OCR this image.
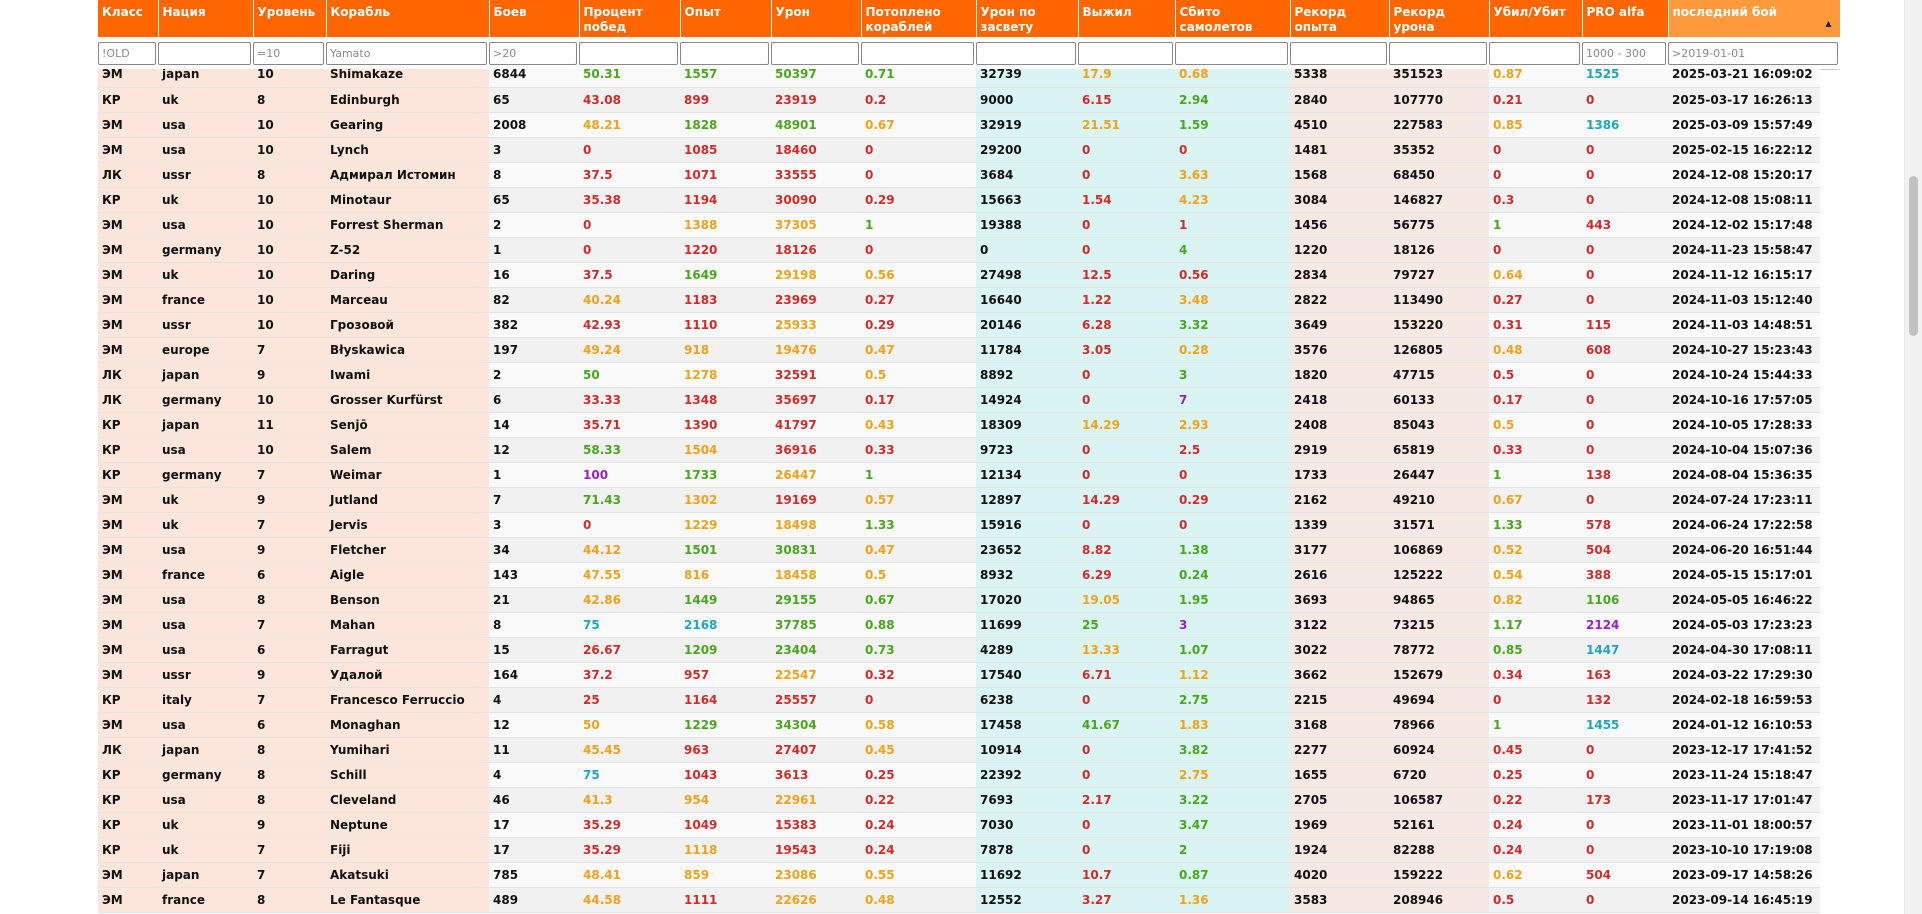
Класс	Нация	Уровень	Корабль	Боев	Процент побед	Опыт	Урон	Потоплено кораблей	Урон по засвету	Выжил	Сбито самолетов	Рекорд опыта	Рекорд урона	Убил/Убит	PRO alfa	последний бой
▲

!OLD		=10	Yamato	>20											1000 - 300	>2019-01-01
ЭМ	japan	10	Shimakaze	6844	50.31	1557	50397	0.71	32739	17.9	0.68	5338	351523	0.87	1525	2025-03-21 16:09:02
КР	uk	8	Edinburgh	65	43.08	899	23919	0.2	9000	6.15	2.94	2840	107770	0.21	0	2025-03-17 16:26:13
ЭМ	usa	10	Gearing	2008	48.21	1828	48901	0.67	32919	21.51	1.59	4510	227583	0.85	1386	2025-03-09 15:57:49
ЭМ	usa	10	Lynch	3	0	1085	18460	0	29200	0	0	1481	35352	0	0	2025-02-15 16:22:12
ЛК	ussr	8	Адмирал Истомин	8	37.5	1071	33555	0	3684	0	3.63	1568	68450	0	0	2024-12-08 15:20:17
КР	uk	10	Minotaur	65	35.38	1194	30090	0.29	15663	1.54	4.23	3084	146827	0.3	0	2024-12-08 15:08:11
ЭМ	usa	10	Forrest Sherman	2	0	1388	37305	1	19388	0	1	1456	56775	1	443	2024-12-02 15:17:48
ЭМ	germany	10	Z-52	1	0	1220	18126	0	0	0	4	1220	18126	0	0	2024-11-23 15:58:47
ЭМ	uk	10	Daring	16	37.5	1649	29198	0.56	27498	12.5	0.56	2834	79727	0.64	0	2024-11-12 16:15:17
ЭМ	france	10	Marceau	82	40.24	1183	23969	0.27	16640	1.22	3.48	2822	113490	0.27	0	2024-11-03 15:12:40
ЭМ	ussr	10	Грозовой	382	42.93	1110	25933	0.29	20146	6.28	3.32	3649	153220	0.31	115	2024-11-03 14:48:51
ЭМ	europe	7	Błyskawica	197	49.24	918	19476	0.47	11784	3.05	0.28	3576	126805	0.48	608	2024-10-27 15:23:43
ЛК	japan	9	Iwami	2	50	1278	32591	0.5	8892	0	3	1820	47715	0.5	0	2024-10-24 15:44:33
ЛК	germany	10	Grosser Kurfürst	6	33.33	1348	35697	0.17	14924	0	7	2418	60133	0.17	0	2024-10-16 17:57:05
КР	japan	11	Senjō	14	35.71	1390	41797	0.43	18309	14.29	2.93	2408	85043	0.5	0	2024-10-05 17:28:33
КР	usa	10	Salem	12	58.33	1504	36916	0.33	9723	0	2.5	2919	65819	0.33	0	2024-10-04 15:07:36
КР	germany	7	Weimar	1	100	1733	26447	1	12134	0	0	1733	26447	1	138	2024-08-04 15:36:35
ЭМ	uk	9	Jutland	7	71.43	1302	19169	0.57	12897	14.29	0.29	2162	49210	0.67	0	2024-07-24 17:23:11
ЭМ	uk	7	Jervis	3	0	1229	18498	1.33	15916	0	0	1339	31571	1.33	578	2024-06-24 17:22:58
ЭМ	usa	9	Fletcher	34	44.12	1501	30831	0.47	23652	8.82	1.38	3177	106869	0.52	504	2024-06-20 16:51:44
ЭМ	france	6	Aigle	143	47.55	816	18458	0.5	8932	6.29	0.24	2616	125222	0.54	388	2024-05-15 15:17:01
ЭМ	usa	8	Benson	21	42.86	1449	29155	0.67	17020	19.05	1.95	3693	94865	0.82	1106	2024-05-05 16:46:22
ЭМ	usa	7	Mahan	8	75	2168	37785	0.88	11699	25	3	3122	73215	1.17	2124	2024-05-03 17:23:23
ЭМ	usa	6	Farragut	15	26.67	1209	23404	0.73	4289	13.33	1.07	3022	78772	0.85	1447	2024-04-30 17:08:11
ЭМ	ussr	9	Удалой	164	37.2	957	22547	0.32	17540	6.71	1.12	3662	152679	0.34	163	2024-03-22 17:29:30
КР	italy	7	Francesco Ferruccio	4	25	1164	25557	0	6238	0	2.75	2215	49694	0	132	2024-02-18 16:59:53
ЭМ	usa	6	Monaghan	12	50	1229	34304	0.58	17458	41.67	1.83	3168	78966	1	1455	2024-01-12 16:10:53
ЛК	japan	8	Yumihari	11	45.45	963	27407	0.45	10914	0	3.82	2277	60924	0.45	0	2023-12-17 17:41:52
КР	germany	8	Schill	4	75	1043	3613	0.25	22392	0	2.75	1655	6720	0.25	0	2023-11-24 15:18:47
КР	usa	8	Cleveland	46	41.3	954	22961	0.22	7693	2.17	3.22	2705	106587	0.22	173	2023-11-17 17:01:47
КР	uk	9	Neptune	17	35.29	1049	15383	0.24	7030	0	3.47	1969	52161	0.24	0	2023-11-01 18:00:57
КР	uk	7	Fiji	17	35.29	1118	19543	0.24	7878	0	2	1924	82288	0.24	0	2023-10-10 17:19:08
ЭМ	japan	7	Akatsuki	785	48.41	859	23086	0.55	11692	10.7	0.87	4020	159222	0.62	504	2023-09-17 14:58:26
ЭМ	france	8	Le Fantasque	489	44.58	1111	22626	0.48	12552	3.27	1.36	3583	208946	0.5	0	2023-09-14 16:45:19
